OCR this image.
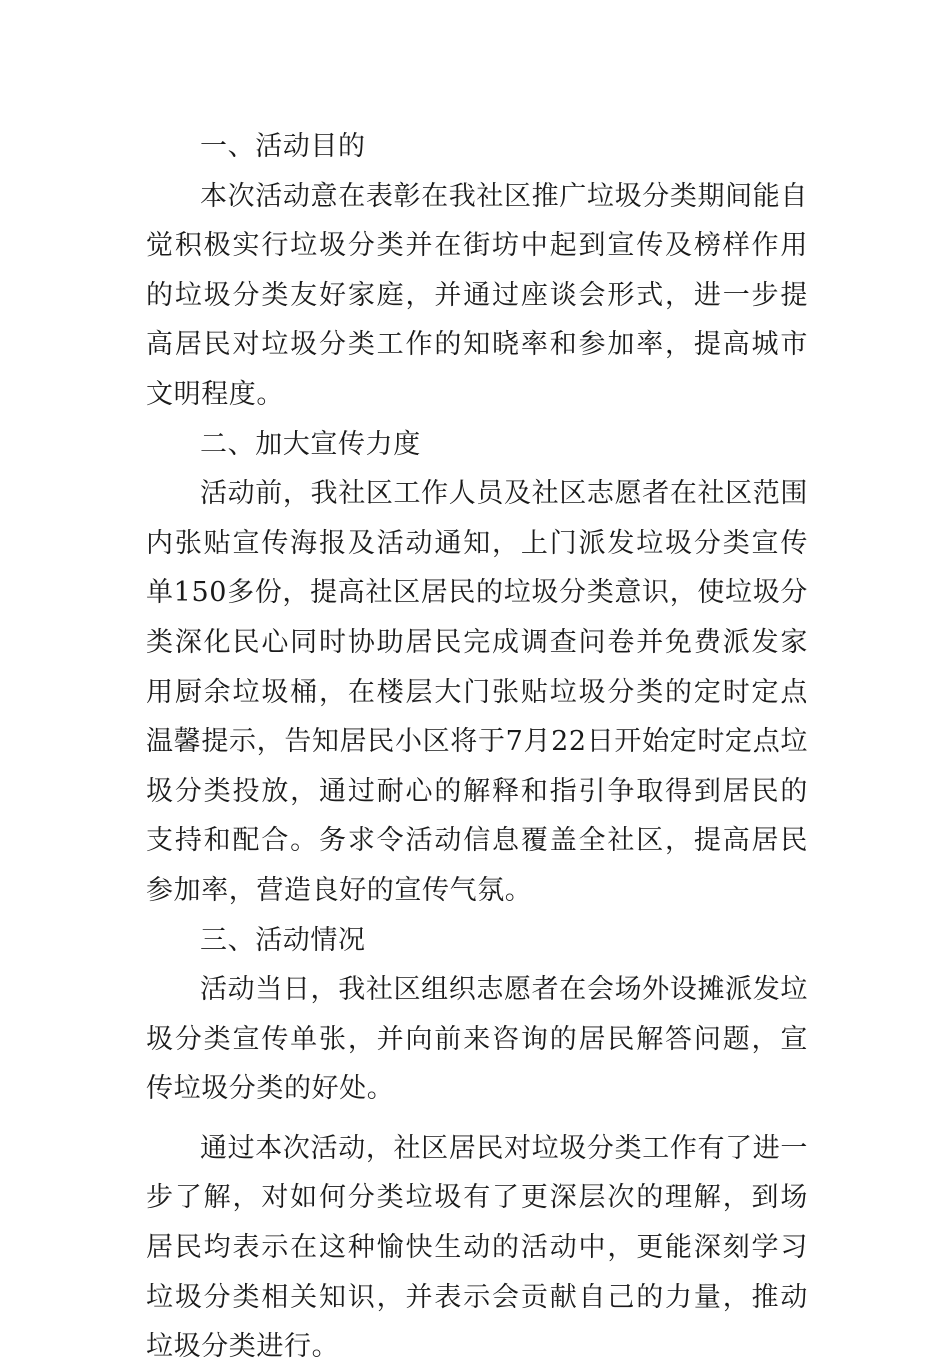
一、活动目的

本次活动意在表彰在我社区推广垃圾分类期间能自觉积极实行垃圾分类并在街坊中起到宣传及榜样作用的垃圾分类友好家庭，并通过座谈会形式，进一步提高居民对垃圾分类工作的知晓率和参加率，提高城市文明程度。

二、加大宣传力度

活动前，我社区工作人员及社区志愿者在社区范围内张贴宣传海报及活动通知，上门派发垃圾分类宣传单150多份，提高社区居民的垃圾分类意识，使垃圾分类深化民心同时协助居民完成调查问卷并免费派发家用厨余垃圾桶，在楼层大门张贴垃圾分类的定时定点温馨提示，告知居民小区将于7月22日开始定时定点垃圾分类投放，通过耐心的解释和指引争取得到居民的支持和配合。务求令活动信息覆盖全社区，提高居民参加率，营造良好的宣传气氛。

三、活动情况

活动当日，我社区组织志愿者在会场外设摊派发垃圾分类宣传单张，并向前来咨询的居民解答问题，宣传垃圾分类的好处。

通过本次活动，社区居民对垃圾分类工作有了进一步了解，对如何分类垃圾有了更深层次的理解，到场居民均表示在这种愉快生动的活动中，更能深刻学习垃圾分类相关知识，并表示会贡献自己的力量，推动垃圾分类进行。
